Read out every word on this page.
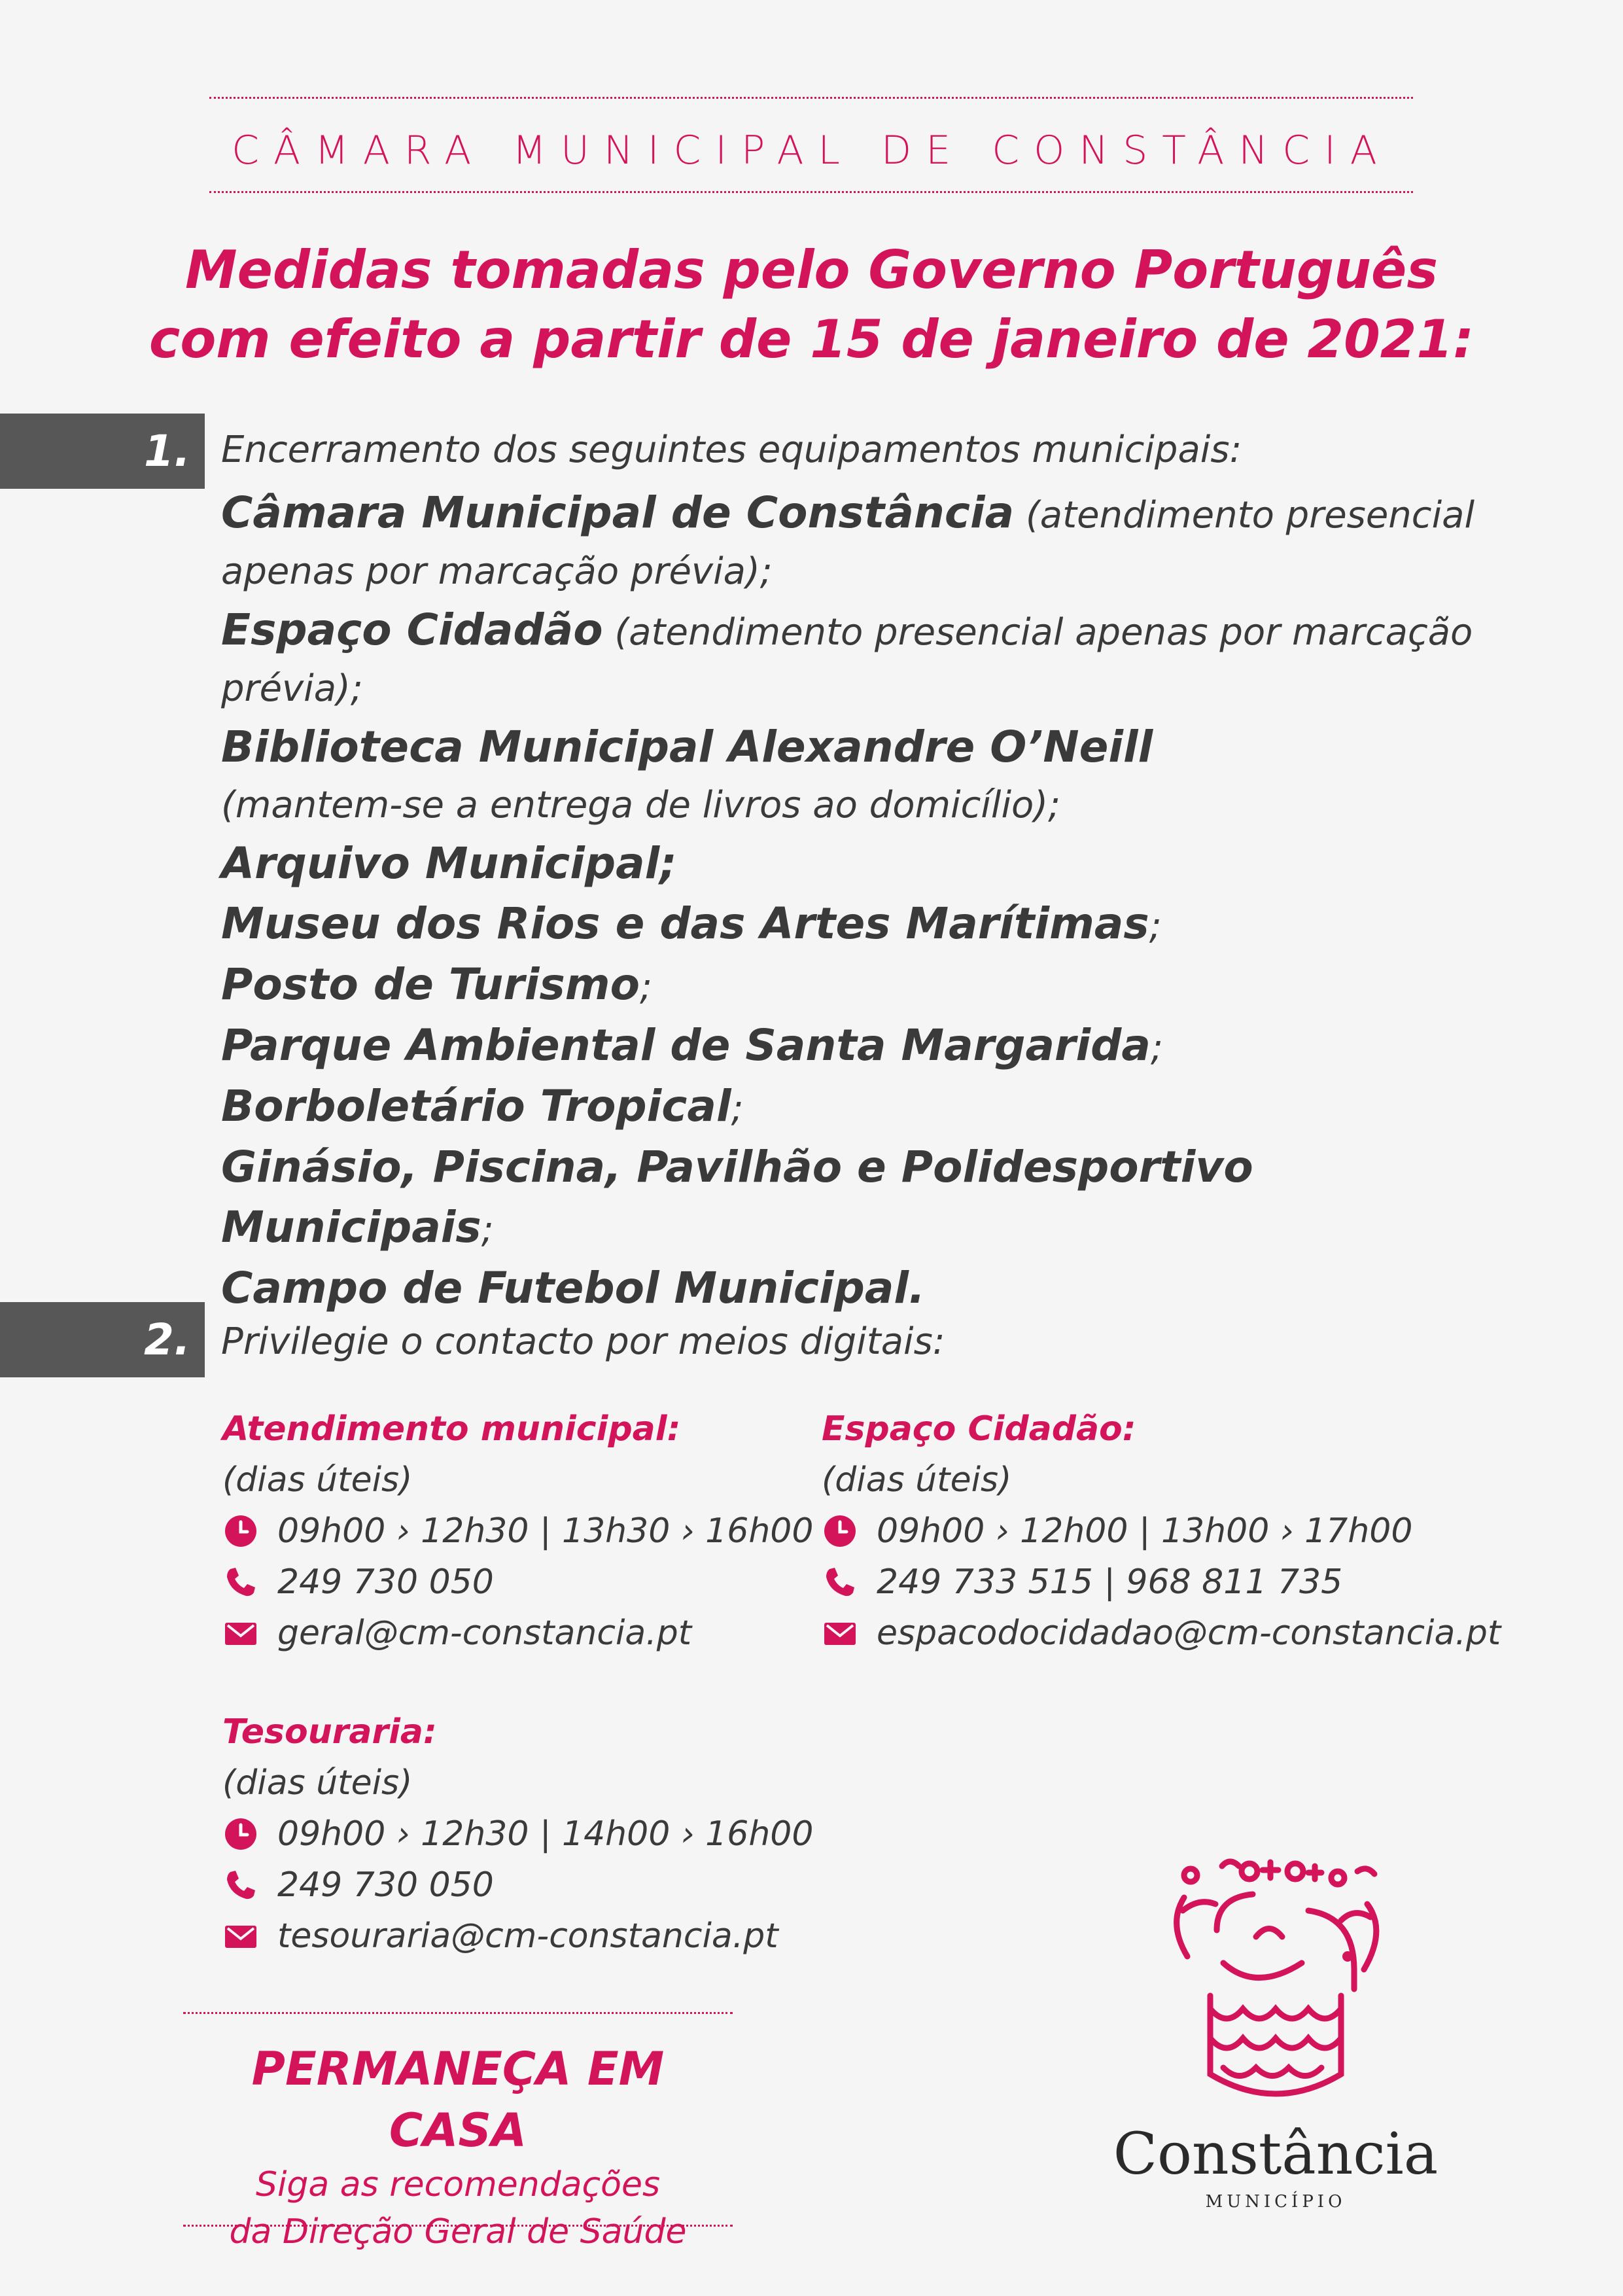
CÂMARA MUNICIPAL DE CONSTÂNCIA
Medidas tomadas pelo Governo Português
com efeito a partir de 15 de janeiro de 2021:
1. Encerramento dos seguintes equipamentos municipais:
Câmara Municipal de Constância (atendimento presencial
apenas por marcação prévia);
Espaço Cidadão (atendimento presencial apenas por marcação
prévia);
Biblioteca Municipal Alexandre O’Neill
(mantem-se a entrega de livros ao domicílio);
Arquivo Municipal;
Museu dos Rios e das Artes Marítimas;
Posto de Turismo;
Parque Ambiental de Santa Margarida;
Borboletário Tropical;
Ginásio, Piscina, Pavilhão e Polidesportivo Municipais;
Campo de Futebol Municipal.
2. Privilegie o contacto por meios digitais:
Atendimento municipal:
(dias úteis)
09h00 › 12h30 | 13h30 › 16h00
249 730 050
geral@cm-constancia.pt
Espaço Cidadão:
(dias úteis)
09h00 › 12h00 | 13h00 › 17h00
249 733 515 | 968 811 735
espacodocidadao@cm-constancia.pt
Tesouraria:
(dias úteis)
09h00 › 12h30 | 14h00 › 16h00
249 730 050
tesouraria@cm-constancia.pt
PERMANEÇA EM CASA
Siga as recomendações
da Direção Geral de Saúde
Constância
MUNICÍPIO
